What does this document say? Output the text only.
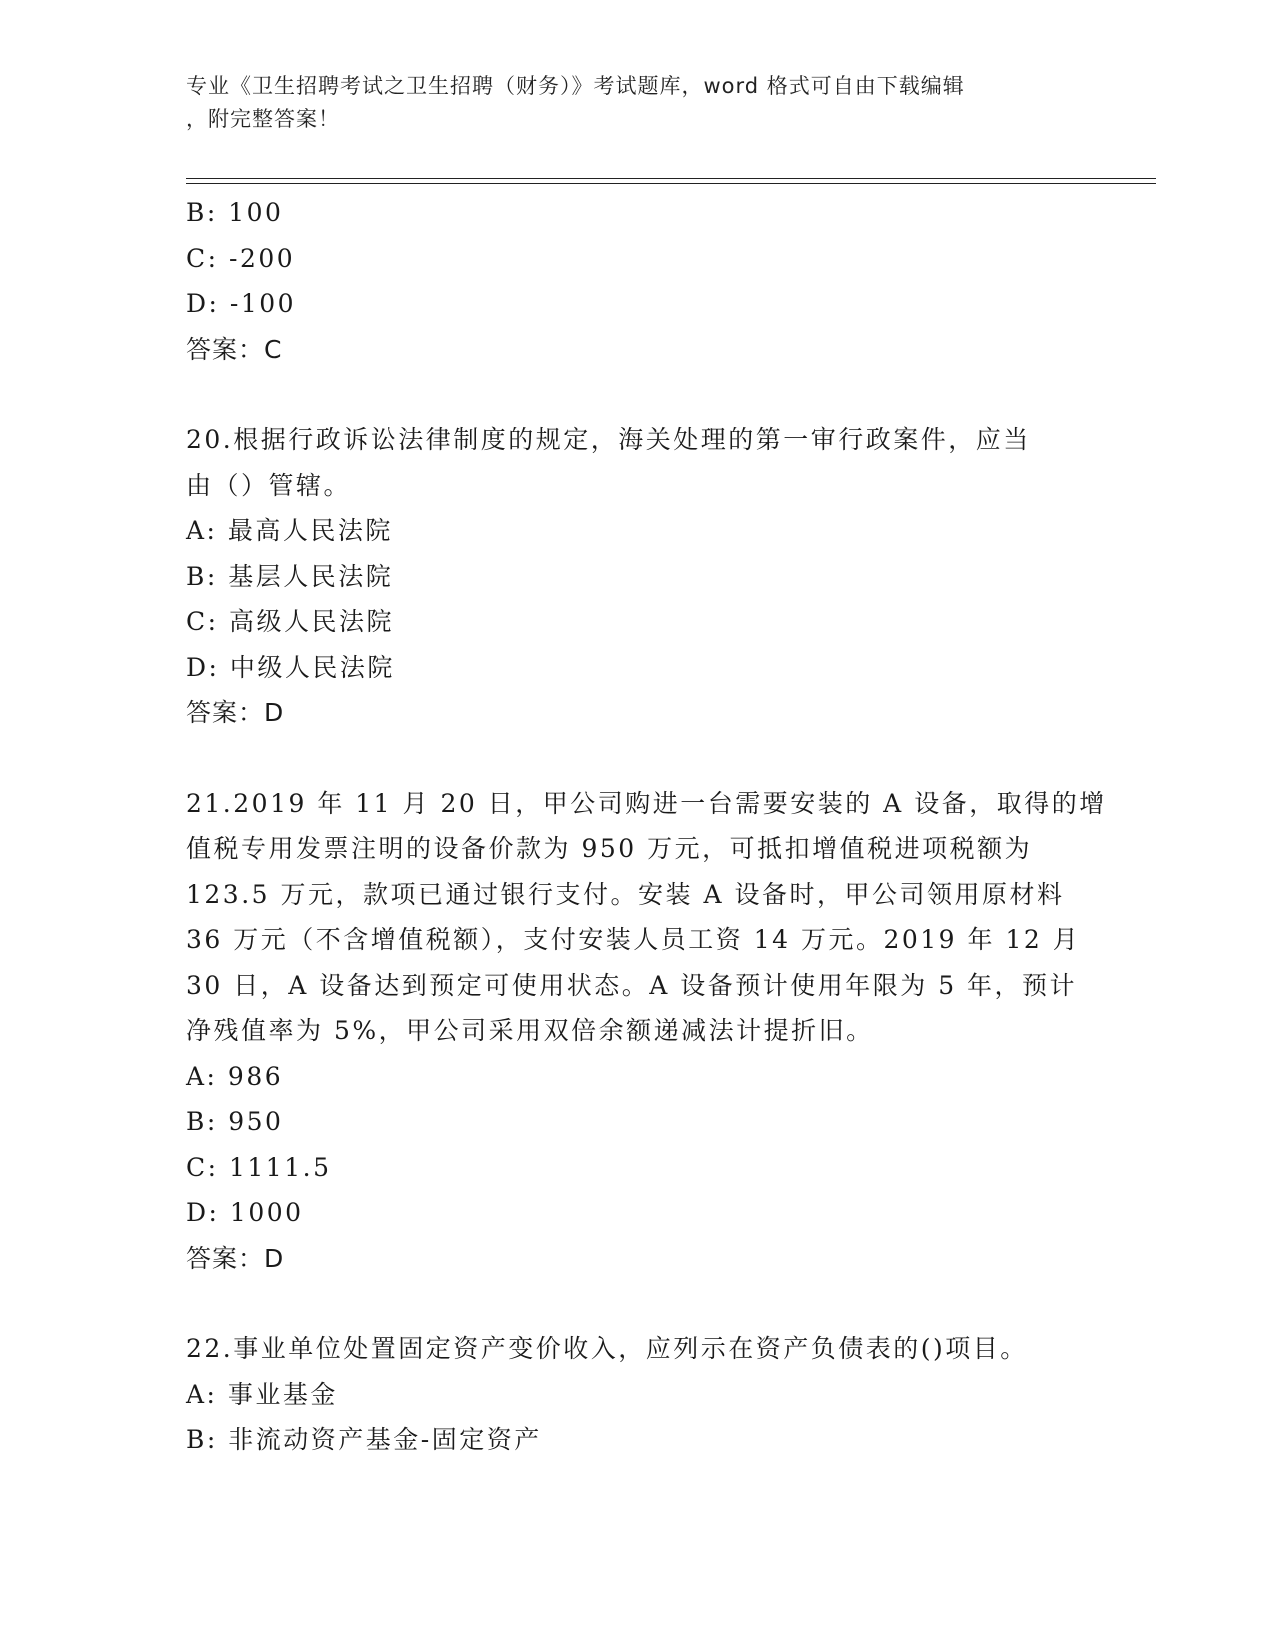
专业《卫生招聘考试之卫生招聘（财务）》考试题库，word 格式可自由下载编辑
，附完整答案！
B: 100
C: -200
D: -100
答案：C
20.根据行政诉讼法律制度的规定，海关处理的第一审行政案件，应当
由（）管辖。
A: 最高人民法院
B: 基层人民法院
C: 高级人民法院
D: 中级人民法院
答案：D
21.2019 年 11 月 20 日，甲公司购进一台需要安装的 A 设备，取得的增
值税专用发票注明的设备价款为 950 万元，可抵扣增值税进项税额为
123.5 万元，款项已通过银行支付。安装 A 设备时，甲公司领用原材料
36 万元（不含增值税额），支付安装人员工资 14 万元。2019 年 12 月
30 日，A 设备达到预定可使用状态。A 设备预计使用年限为 5 年，预计
净残值率为 5%，甲公司采用双倍余额递减法计提折旧。
A: 986
B: 950
C: 1111.5
D: 1000
答案：D
22.事业单位处置固定资产变价收入，应列示在资产负债表的()项目。
A: 事业基金
B: 非流动资产基金-固定资产
